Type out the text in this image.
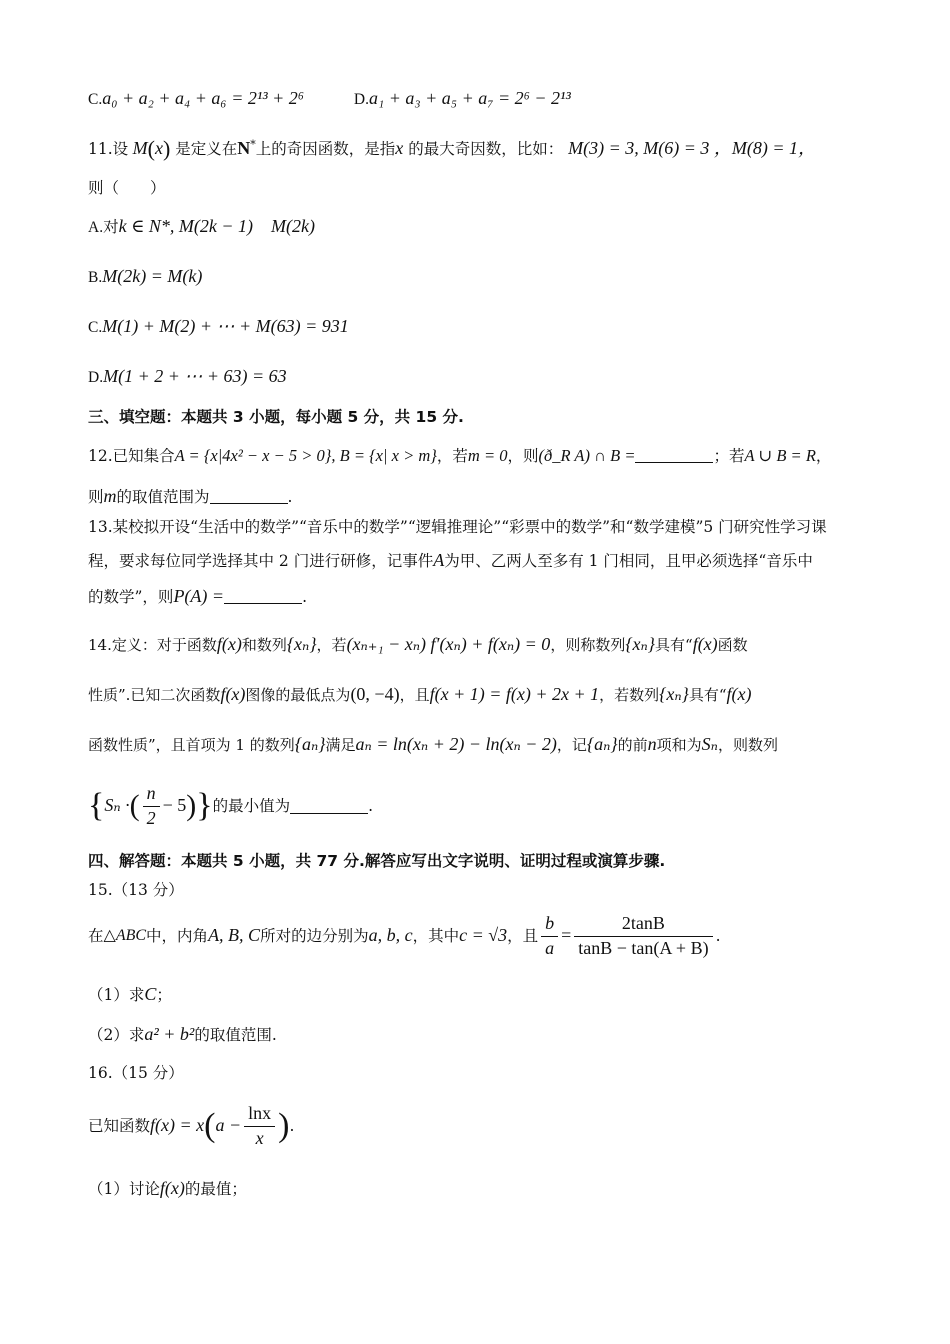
C.a₀ + a₂ + a₄ + a₆ = 2¹³ + 2⁶	D.a₁ + a₃ + a₅ + a₇ = 2⁶ − 2¹³
11.设 M(x) 是定义在N*上的奇因函数，是指x 的最大奇因数，比如： M(3) = 3, M(6) = 3 ，M(8) = 1，
则（　　）
A.对k ∈ N*, M(2k − 1)　M(2k)
B.M(2k) = M(k)
C.M(1) + M(2) + ⋯ + M(63) = 931
D.M(1 + 2 + ⋯ + 63) = 63
三、填空题：本题共 3 小题，每小题 5 分，共 15 分.
12.已知集合A = {x|4x² − x − 5 > 0}, B = {x| x > m}，若m = 0，则(ð_R A) ∩ B =	；若A ∪ B = R，
则m的取值范围为	.
13.某校拟开设“生活中的数学”“音乐中的数学”“逻辑推理论”“彩票中的数学”和“数学建模”5 门研究性学习课
程，要求每位同学选择其中 2 门进行研修，记事件A为甲、乙两人至多有 1 门相同，且甲必须选择“音乐中
的数学”，则P(A) =	.
14.定义：对于函数f(x)和数列{xₙ}，若(xₙ₊₁ − xₙ) f′(xₙ) + f(xₙ) = 0，则称数列{xₙ}具有“f(x)函数
性质”.已知二次函数f(x)图像的最低点为(0, −4)，且f(x + 1) = f(x) + 2x + 1，若数列{xₙ}具有“f(x)
函数性质”，且首项为 1 的数列{aₙ}满足aₙ = ln(xₙ + 2) − ln(xₙ − 2)，记{aₙ}的前n项和为Sₙ，则数列
{ Sₙ · ( $\frac{n}{2} - 5$ ) } 的最小值为	.
四、解答题：本题共 5 小题，共 77 分.解答应写出文字说明、证明过程或演算步骤.
15.（13 分）
在 △ABC 中，内角 A, B, C 所对的边分别为 a, b, c ，其中 c = √3 ，且 $\frac{b}{a} = \frac{2\tan B}{\tan B - \tan(A + B)}$ .
（1）求C；
（2）求a² + b²的取值范围.
16.（15 分）
已知函数 f(x) = x ( $a - \frac{\ln x}{x}$ ) .
（1）讨论f(x)的最值；
